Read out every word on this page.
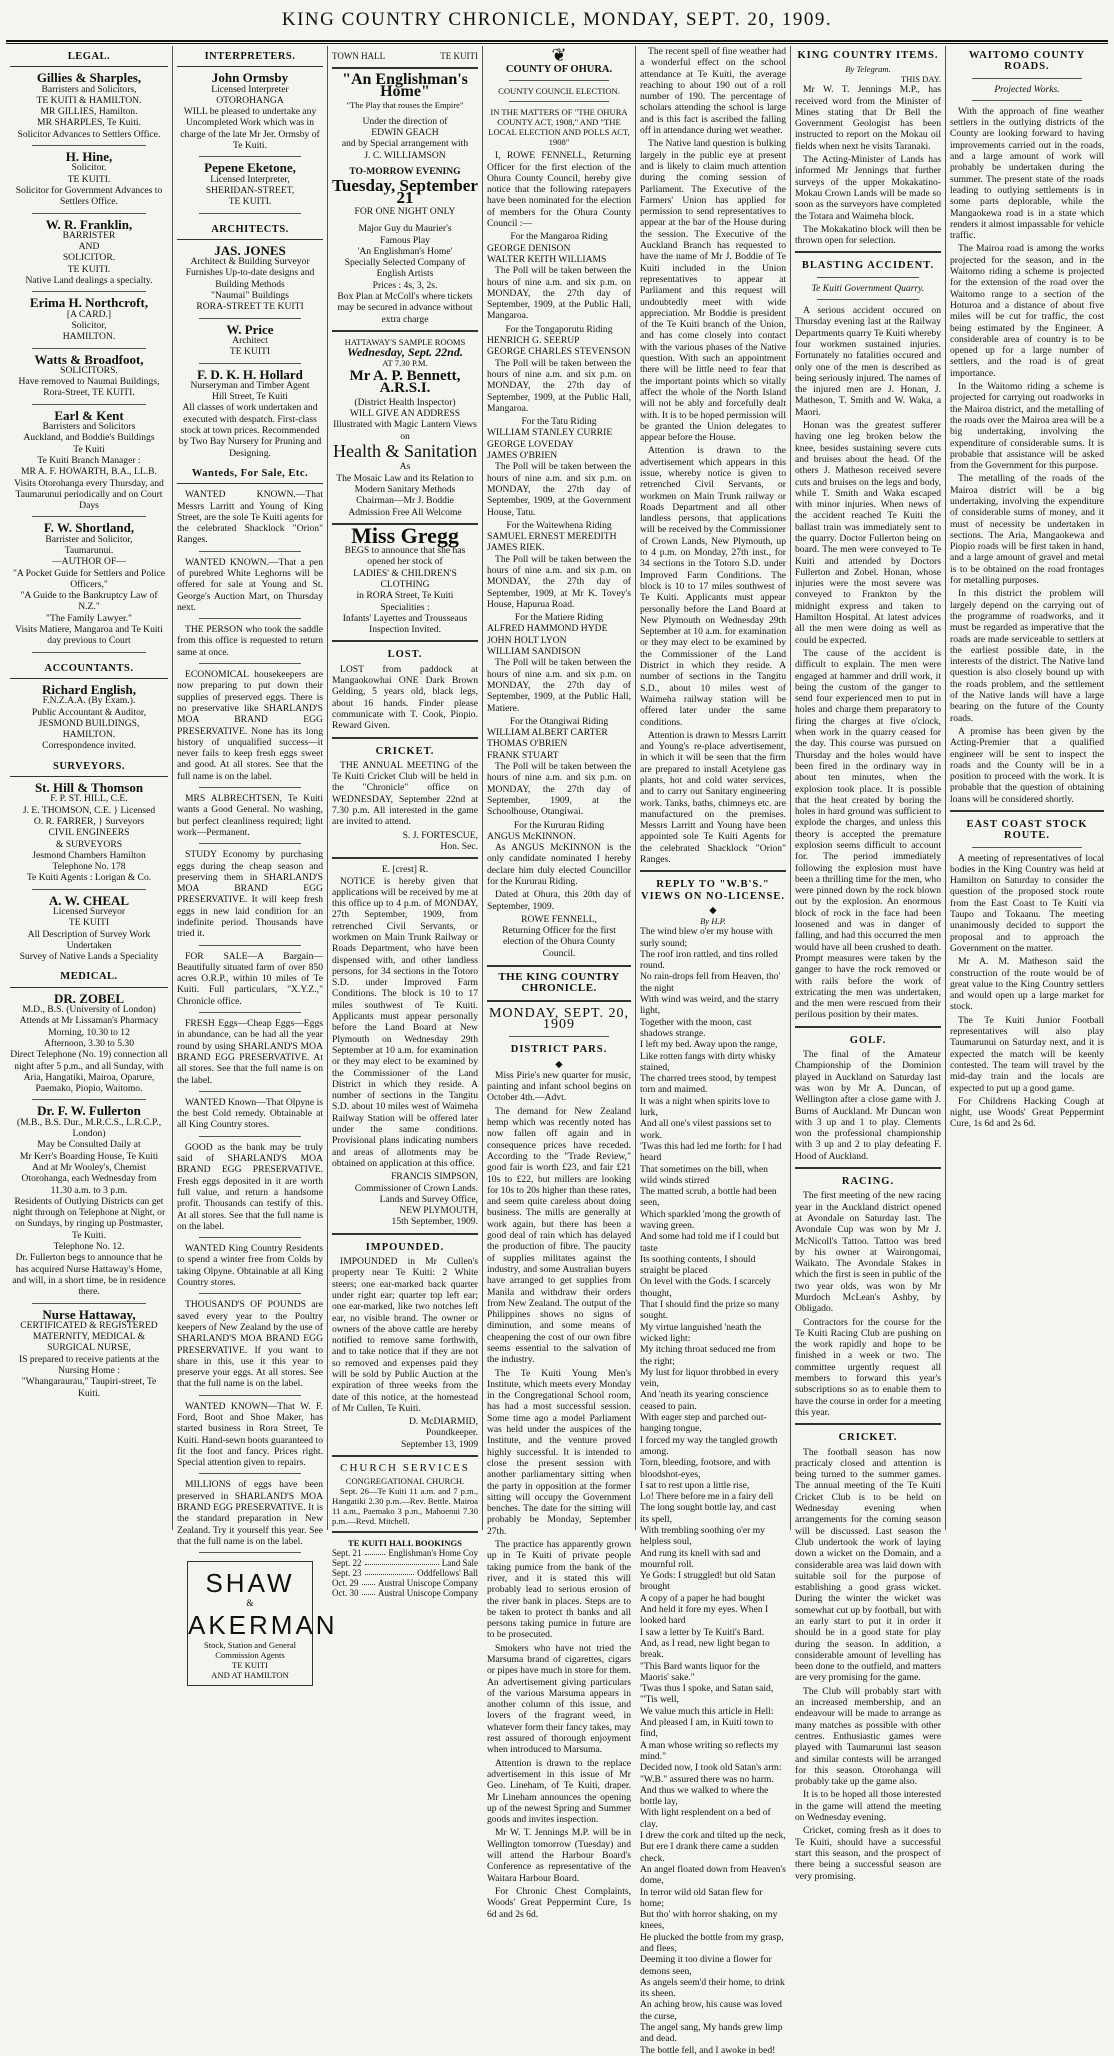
KING COUNTRY CHRONICLE, MONDAY, SEPT. 20, 1909.
LEGAL.
Gillies & Sharples,
Barristers and Solicitors,
TE KUITI & HAMILTON.
MR GILLIES, Hamilton.
MR SHARPLES, Te Kuiti.
Solicitor Advances to Settlers Office.
H. Hine,
Solicitor.
TE KUITI.
Solicitor for Government Advances to Settlers Office.
W. R. Franklin,
BARRISTER
AND
SOLICITOR.
TE KUITI.
Native Land dealings a specialty.
Erima H. Northcroft,
[A CARD.]
Solicitor,
HAMILTON.
Watts & Broadfoot,
SOLICITORS.
Have removed to Naumai Buildings,
Rora-Street, TE KUITI.
Earl & Kent
Barristers and Solicitors
Auckland, and Boddie's Buildings
Te Kuiti
Te Kuiti Branch Manager :
MR A. F. HOWARTH, B.A., LL.B.
Visits Otorohanga every Thursday, and Taumarunui periodically and on Court Days
F. W. Shortland,
Barrister and Solicitor,
Taumarunui.
—AUTHOR OF—
"A Pocket Guide for Settlers and Police Officers,"
"A Guide to the Bankruptcy Law of N.Z."
"The Family Lawyer."
Visits Matiere, Mangaroa and Te Kuiti day previous to Court
ACCOUNTANTS.
Richard English,
F.N.Z.A.A. (By Exam.).
Public Accountant & Auditor,
JESMOND BUILDINGS,
HAMILTON.
Correspondence invited.
SURVEYORS.
St. Hill & Thomson
F. P. ST. HILL, C.E.
J. E. THOMSON, C.E. } Licensed
O. R. FARRER, } Surveyors
CIVIL ENGINEERS
& SURVEYORS
Jesmond Chambers Hamilton
Telephone No. 178
Te Kuiti Agents : Lorigan & Co.
A. W. CHEAL
Licensed Surveyor
TE KUITI
All Description of Survey Work Undertaken
Survey of Native Lands a Speciality
MEDICAL.
DR. ZOBEL
M.D., B.S. (University of London)
Attends at Mr Lissaman's Pharmacy
Morning, 10.30 to 12
Afternoon, 3.30 to 5.30
Direct Telephone (No. 19) connection all night after 5 p.m., and all Sunday, with Aria, Hangatiki, Mairoa, Oparure, Paemako, Piopio, Waitomo.
Dr. F. W. Fullerton
(M.B., B.S. Dur., M.R.C.S., L.R.C.P., London)
May be Consulted Daily at
Mr Kerr's Boarding House, Te Kuiti
And at Mr Wooley's, Chemist Otorohanga, each Wednesday from 11.30 a.m. to 3 p.m.
Residents of Outlying Districts can get night through on Telephone at Night, or on Sundays, by ringing up Postmaster, Te Kuiti.
Telephone No. 12.
Dr. Fullerton begs to announce that he has acquired Nurse Hattaway's Home, and will, in a short time, be in residence there.
Nurse Hattaway,
CERTIFICATED & REGISTERED
MATERNITY, MEDICAL & SURGICAL NURSE,
IS prepared to receive patients at the Nursing Home :
"Whangaraurau," Taupiri-street, Te Kuiti.
INTERPRETERS.
John Ormsby
Licensed Interpreter
OTOROHANGA
WILL be pleased to undertake any Uncompleted Work which was in charge of the late Mr Jer. Ormsby of Te Kuiti.
Pepene Eketone,
Licensed Interpreter,
SHERIDAN-STREET,
TE KUITI.
ARCHITECTS.
JAS. JONES
Architect & Building Surveyor
Furnishes Up-to-date designs and Building Methods
"Naumai" Buildings
RORA-STREET TE KUITI
W. Price
Architect
TE KUITI
F. D. K. H. Hollard
Nurseryman and Timber Agent
Hill Street, Te Kuiti
All classes of work undertaken and executed with despatch. First-class stock at town prices. Recommended by Two Bay Nursery for Pruning and Designing.
Wanteds, For Sale, Etc.
WANTED KNOWN.—That Messrs Larritt and Young of King Street, are the sole Te Kuiti agents for the celebrated Shacklock "Orion" Ranges.
WANTED KNOWN.—That a pen of purebred White Leghorns will be offered for sale at Young and St. George's Auction Mart, on Thursday next.
THE PERSON who took the saddle from this office is requested to return same at once.
ECONOMICAL housekeepers are now preparing to put down their supplies of preserved eggs. There is no preservative like SHARLAND'S MOA BRAND EGG PRESERVATIVE. None has its long history of unqualified success—it never fails to keep fresh eggs sweet and good. At all stores. See that the full name is on the label.
MRS ALBRECHTSEN, Te Kuiti wants a Good General. No washing, but perfect cleanliness required; light work—Permanent.
STUDY Economy by purchasing eggs during the cheap season and preserving them in SHARLAND'S MOA BRAND EGG PRESERVATIVE. It will keep fresh eggs in new laid condition for an indefinite period. Thousands have tried it.
FOR SALE—A Bargain—Beautifully situated farm of over 850 acres O.R.P., within 10 miles of Te Kuiti. Full particulars, "X.Y.Z.," Chronicle office.
FRESH Eggs—Cheap Eggs—Eggs in abundance, can be had all the year round by using SHARLAND'S MOA BRAND EGG PRESERVATIVE. At all stores. See that the full name is on the label.
WANTED Known—That Olpyne is the best Cold remedy. Obtainable at all King Country stores.
GOOD as the bank may be truly said of SHARLAND'S MOA BRAND EGG PRESERVATIVE. Fresh eggs deposited in it are worth full value, and return a handsome profit. Thousands can testify of this. At all stores. See that the full name is on the label.
WANTED King Country Residents to spend a winter free from Colds by taking Olpyne. Obtainable at all King Country stores.
THOUSAND'S OF POUNDS are saved every year to the Poultry keepers of New Zealand by the use of SHARLAND'S MOA BRAND EGG PRESERVATIVE. If you want to share in this, use it this year to preserve your eggs. At all stores. See that the full name is on the label.
WANTED KNOWN—That W. F. Ford, Boot and Shoe Maker, has started business in Rora Street, Te Kuiti. Hand-sewn boots guaranteed to fit the foot and fancy. Prices right. Special attention given to repairs.
MILLIONS of eggs have been preserved in SHARLAND'S MOA BRAND EGG PRESERVATIVE. It is the standard preparation in New Zealand. Try it yourself this year. See that the full name is on the label.
SHAW
&
AKERMAN
Stock, Station and General
Commission Agents
TE KUITI
AND AT HAMILTON
TOWN HALL	TE KUITI
"An Englishman's Home"
"The Play that rouses the Empire"
Under the direction of
EDWIN GEACH
and by Special arrangement with
J. C. WILLIAMSON
TO-MORROW EVENING
Tuesday, September 21
FOR ONE NIGHT ONLY
Major Guy du Maurier's
Famous Play
'An Englishman's Home'
Specially Selected Company of English Artists
Prices : 4s, 3, 2s.
Box Plan at McColl's where tickets may be secured in advance without extra charge
HATTAWAY'S SAMPLE ROOMS
Wednesday, Sept. 22nd.
AT 7.30 P.M.
Mr A. P. Bennett, A.R.S.I.
(District Health Inspector)
WILL GIVE AN ADDRESS
Illustrated with Magic Lantern Views
on
Health & Sanitation
As
The Mosaic Law and its Relation to Modern Sanitary Methods
Chairman—Mr J. Boddie
Admission Free All Welcome
Miss Gregg
BEGS to announce that she has opened her stock of
LADIES' & CHILDREN'S CLOTHING
in RORA Street, Te Kuiti
Specialities :
Infants' Layettes and Trousseaus
Inspection Invited.
LOST.
LOST from paddock at Mangaokowhai ONE Dark Brown Gelding, 5 years old, black legs, about 16 hands. Finder please communicate with T. Cook, Piopio. Reward Given.
CRICKET.
THE ANNUAL MEETING of the Te Kuiti Cricket Club will be held in the "Chronicle" office on WEDNESDAY, September 22nd at 7.30 p.m. All interested in the game are invited to attend.
S. J. FORTESCUE,
Hon. Sec.
E. [crest] R.
NOTICE is hereby given that applications will be received by me at this office up to 4 p.m. of MONDAY, 27th September, 1909, from retrenched Civil Servants, or workmen on Main Trunk Railway or Roads Department, who have been dispensed with, and other landless persons, for 34 sections in the Totoro S.D. under Improved Farm Conditions. The block is 10 to 17 miles southwest of Te Kuiti. Applicants must appear personally before the Land Board at New Plymouth on Wednesday 29th September at 10 a.m. for examination or they may elect to be examined by the Commissioner of the Land District in which they reside. A number of sections in the Tangitu S.D. about 10 miles west of Waimeha Railway Station will be offered later under the same conditions. Provisional plans indicating numbers and areas of allotments may be obtained on application at this office.
FRANCIS SIMPSON,
Commissioner of Crown Lands.
Lands and Survey Office,
NEW PLYMOUTH,
15th September, 1909.
IMPOUNDED.
IMPOUNDED in Mr Cullen's property near Te Kuiti: 2 White steers; one ear-marked back quarter under right ear; quarter top left ear; one ear-marked, like two notches left ear, no visible brand. The owner or owners of the above cattle are hereby notified to remove same forthwith, and to take notice that if they are not so removed and expenses paid they will be sold by Public Auction at the expiration of three weeks from the date of this notice, at the homestead of Mr Cullen, Te Kuiti.
D. McDIARMID,
Poundkeeper.
September 13, 1909
CHURCH SERVICES
CONGREGATIONAL CHURCH.
Sept. 26—Te Kuiti 11 a.m. and 7 p.m., Hangatiki 2.30 p.m.—Rev. Bettle. Mairoa 11 a.m., Paemako 3 p.m., Mahoenui 7.30 p.m.—Revd. Mitchell.
TE KUITI HALL BOOKINGS
Sept. 21	Englishman's Home Coy
Sept. 22	Land Sale
Sept. 23	Oddfellows' Ball
Oct. 29 Austral Uniscope Company
Oct. 30 Austral Uniscope Company
❦
COUNTY OF OHURA.
COUNTY COUNCIL ELECTION.
IN THE MATTERS OF "THE OHURA COUNTY ACT, 1908," AND "THE LOCAL ELECTION AND POLLS ACT, 1908"
I, ROWE FENNELL, Returning Officer for the first election of the Ohura County Council, hereby give notice that the following ratepayers have been nominated for the election of members for the Ohura County Council :—
For the Mangaroa Riding
GEORGE DENISON
WALTER KEITH WILLIAMS
The Poll will be taken between the hours of nine a.m. and six p.m. on MONDAY, the 27th day of September, 1909, at the Public Hall, Mangaroa.
For the Tongaporutu Riding
HENRICH G. SEERUP
GEORGE CHARLES STEVENSON
The Poll will be taken between the hours of nine a.m. and six p.m. on MONDAY, the 27th day of September, 1909, at the Public Hall, Mangaroa.
For the Tatu Riding
WILLIAM STANLEY CURRIE
GEORGE LOVEDAY
JAMES O'BRIEN
The Poll will be taken between the hours of nine a.m. and six p.m. on MONDAY, the 27th day of September, 1909, at the Government House, Tatu.
For the Waitewhena Riding
SAMUEL ERNEST MEREDITH
JAMES RIEK.
The Poll will be taken between the hours of nine a.m. and six p.m. on MONDAY, the 27th day of September, 1909, at Mr K. Tovey's House, Hapurua Road.
For the Matiere Riding
ALFRED HAMMOND HYDE
JOHN HOLT LYON
WILLIAM SANDISON
The Poll will be taken between the hours of nine a.m. and six p.m. on MONDAY, the 27th day of September, 1909, at the Public Hall, Matiere.
For the Otangiwai Riding
WILLIAM ALBERT CARTER
THOMAS O'BRIEN
FRANK STUART
The Poll will be taken between the hours of nine a.m. and six p.m. on MONDAY, the 27th day of September, 1909, at the Schoolhouse, Otangiwai.
For the Kururau Riding
ANGUS McKINNON.
As ANGUS McKINNON is the only candidate nominated I hereby declare him duly elected Councillor for the Kururau Riding.
Dated at Ohura, this 20th day of September, 1909.
ROWE FENNELL,
Returning Officer for the first election of the Ohura County Council.
THE KING COUNTRY CHRONICLE.
MONDAY, SEPT. 20, 1909
DISTRICT PARS.
◆
Miss Pirie's new quarter for music, painting and infant school begins on October 4th.—Advt.
The demand for New Zealand hemp which was recently noted has now fallen off again and in consequence prices have receded. According to the "Trade Review," good fair is worth £23, and fair £21 10s to £22, but millers are looking for 10s to 20s higher than these rates, and seem quite careless about doing business. The mills are generally at work again, but there has been a good deal of rain which has delayed the production of fibre. The paucity of supplies militates against the industry, and some Australian buyers have arranged to get supplies from Manila and withdraw their orders from New Zealand. The output of the Philippines shows no signs of diminution, and some means of cheapening the cost of our own fibre seems essential to the salvation of the industry.
The Te Kuiti Young Men's Institute, which meets every Monday in the Congregational School room, has had a most successful session. Some time ago a model Parliament was held under the auspices of the Institute, and the venture proved highly successful. It is intended to close the present session with another parliamentary sitting when the party in opposition at the former sitting will occupy the Government benches. The date for the sitting will probably be Monday, September 27th.
The practice has apparently grown up in Te Kuiti of private people taking pumice from the bank of the river, and it is stated this will probably lead to serious erosion of the river bank in places. Steps are to be taken to protect th banks and all persons taking pumice in future are to be prosecuted.
Smokers who have not tried the Marsuma brand of cigarettes, cigars or pipes have much in store for them. An advertisement giving particulars of the various Marsuma appears in another column of this issue, and lovers of the fragrant weed, in whatever form their fancy takes, may rest assured of thorough enjoyment when introduced to Marsuma.
Attention is drawn to the replace advertisement in this issue of Mr Geo. Lineham, of Te Kuiti, draper. Mr Lineham announces the opening up of the newest Spring and Summer goods and invites inspection.
Mr W. T. Jennings M.P. will be in Wellington tomorrow (Tuesday) and will attend the Harbour Board's Conference as representative of the Waitara Harbour Board.
For Chronic Chest Complaints, Woods' Great Peppermint Cure, 1s 6d and 2s 6d.
The recent spell of fine weather had a wonderful effect on the school attendance at Te Kuiti, the average reaching to about 190 out of a roll number of 190. The percentage of scholars attending the school is large and is this fact is ascribed the falling off in attendance during wet weather.
The Native land question is bulking largely in the public eye at present and is likely to claim much attention during the coming session of Parliament. The Executive of the Farmers' Union has applied for permission to send representatives to appear at the bar of the House during the session. The Executive of the Auckland Branch has requested to have the name of Mr J. Boddie of Te Kuiti included in the Union representatives to appear at Parliament and this request will undoubtedly meet with wide appreciation. Mr Boddie is president of the Te Kuiti branch of the Union, and has come closely into contact with the various phases of the Native question. With such an appointment there will be little need to fear that the important points which so vitally affect the whole of the North Island will not be ably and forcefully dealt with. It is to be hoped permission will be granted the Union delegates to appear before the House.
Attention is drawn to the advertisement which appears in this issue, whereby notice is given to retrenched Civil Servants, or workmen on Main Trunk railway or Roads Department and all other landless persons, that applications will be received by the Commissioner of Crown Lands, New Plymouth, up to 4 p.m. on Monday, 27th inst., for 34 sections in the Totoro S.D. under Improved Farm Conditions. The block is 10 to 17 miles southwest of Te Kuiti. Applicants must appear personally before the Land Board at New Plymouth on Wednesday 29th September at 10 a.m. for examination or they may elect to be examined by the Commissioner of the Land District in which they reside. A number of sections in the Tangitu S.D., about 10 miles west of Waimeha railway station will be offered later under the same conditions.
Attention is drawn to Messrs Larritt and Young's re-place advertisement, in which it will be seen that the firm are prepared to install Acetylene gas plants, hot and cold water services, and to carry out Sanitary engineering work. Tanks, baths, chimneys etc. are manufactured on the premises. Messrs Larritt and Young have been appointed sole Te Kuiti Agents for the celebrated Shacklock "Orion" Ranges.
REPLY TO "W.B'S." VIEWS ON NO-LICENSE.
◆
By H.P.
The wind blew o'er my house with surly sound;
The roof iron rattled, and tins rolled round.
No rain-drops fell from Heaven, tho' the night
With wind was weird, and the starry light,
Together with the moon, cast shadows strange.
I left my bed. Away upon the range,
Like rotten fangs with dirty whisky stained,
The charred trees stood, by tempest torn and maimed.
It was a night when spirits love to lurk,
And all one's vilest passions set to work.
'Twas this had led me forth: for I had heard
That sometimes on the bill, when wild winds stirred
The matted scrub, a bottle had been seen,
Which sparkled 'mong the growth of waving green.
And some had told me if I could but taste
Its soothing contents, I should straight be placed
On level with the Gods. I scarcely thought,
That I should find the prize so many sought.
My virtue languished 'neath the wicked light:
My itching throat seduced me from the right;
My lust for liquor throbbed in every vein,
And 'neath its yearing conscience ceased to pain.
With eager step and parched out-hanging tongue,
I forced my way the tangled growth among.
Torn, bleeding, footsore, and with bloodshot-eyes,
I sat to rest upon a little rise,
Lo! There before me in a fairy dell
The long sought bottle lay, and cast its spell,
With trembling soothing o'er my helpless soul,
And rung its knell with sad and mournful roll.
Ye Gods: I struggled! but old Satan brought
A copy of a paper he had bought
And held it fore my eyes. When I looked hard
I saw a letter by Te Kuiti's Bard.
And, as I read, new light began to break.
"This Bard wants liquor for the Maoris' sake."
'Twas thus I spoke, and Satan said, "'Tis well,
We value much this article in Hell:
And pleased I am, in Kuiti town to find,
A man whose writing so reflects my mind."
Decided now, I took old Satan's arm:
"W.B." assured there was no harm.
And thus we walked to where the bottle lay,
With light resplendent on a bed of clay.
I drew the cork and tilted up the neck,
But ere I drank there came a sudden check.
An angel floated down from Heaven's dome,
In terror wild old Satan flew for home;
But tho' with horror shaking, on my knees,
He plucked the bottle from my grasp, and flees,
Deeming it too divine a flower for demons seen,
As angels seem'd their home, to drink its sheen.
An aching brow, his cause was loved the curse,
The angel sang, My hands grew limp and dead.
The bottle fell, and I awoke in bed!
KING COUNTRY ITEMS.
By Telegram.
THIS DAY.
Mr W. T. Jennings M.P., has received word from the Minister of Mines stating that Dr Bell the Government Geologist has been instructed to report on the Mokau oil fields when next he visits Taranaki.
The Acting-Minister of Lands has informed Mr Jennings that further surveys of the upper Mokakatino-Mokau Crown Lands will be made so soon as the surveyors have completed the Totara and Waimeha block.
The Mokakatino block will then be thrown open for selection.
BLASTING ACCIDENT.
Te Kuiti Government Quarry.
A serious accident occured on Thursday evening last at the Railway Departments quarry Te Kuiti whereby four workmen sustained injuries. Fortunately no fatalities occured and only one of the men is described as being seriously injured. The names of the injured men are J. Honan, J. Matheson, T. Smith and W. Waka, a Maori.
Honan was the greatest sufferer having one leg broken below the knee, besides sustaining severe cuts and bruises about the head. Of the others J. Matheson received severe cuts and bruises on the legs and body, while T. Smith and Waka escaped with minor injuries. When news of the accident reached Te Kuiti the ballast train was immediately sent to the quarry. Doctor Fullerton being on board. The men were conveyed to Te Kuiti and attended by Doctors Fullerton and Zobel. Honan, whose injuries were the most severe was conveyed to Frankton by the midnight express and taken to Hamilton Hospital. At latest advices all the men were doing as well as could be expected.
The cause of the accident is difficult to explain. The men were engaged at hammer and drill work, it being the custom of the ganger to send four experienced men to put in holes and charge them preparatory to firing the charges at five o'clock, when work in the quarry ceased for the day. This course was pursued on Thursday and the holes would have been fired in the ordinary way in about ten minutes, when the explosion took place. It is possible that the heat created by boring the holes in hard ground was sufficient to explode the charges, and unless this theory is accepted the premature explosion seems difficult to account for. The period immediately following the explosion must have been a thrilling time for the men, who were pinned down by the rock blown out by the explosion. An enormous block of rock in the face had been loosened and was in danger of falling, and had this occurred the men would have all been crushed to death. Prompt measures were taken by the ganger to have the rock removed or with rails before the work of extricating the men was undertaken, and the men were rescued from their perilous position by their mates.
GOLF.
The final of the Amateur Championship of the Dominion played in Auckland on Saturday last was won by Mr A. Duncan, of Wellington after a close game with J. Burns of Auckland. Mr Duncan won with 3 up and 1 to play. Clements won the professional championship with 3 up and 2 to play defeating F. Hood of Auckland.
RACING.
The first meeting of the new racing year in the Auckland district opened at Avondale on Saturday last. The Avondale Cup was won by Mr J. McNicoll's Tattoo. Tattoo was bred by his owner at Wairongomai, Waikato. The Avondale Stakes in which the first is seen in public of the two year olds, was won by Mr Murdoch McLean's Ashby, by Obligado.
Contractors for the course for the Te Kuiti Racing Club are pushing on the work rapidly and hope to be finished in a week or two. The committee urgently request all members to forward this year's subscriptions so as to enable them to have the course in order for a meeting this year.
CRICKET.
The football season has now practicaly closed and attention is being turned to the summer games. The annual meeting of the Te Kuiti Cricket Club is to be held on Wednesday evening when arrangements for the coming season will be discussed. Last season the Club undertook the work of laying down a wicket on the Domain, and a considerable area was laid down with suitable soil for the purpose of establishing a good grass wicket. During the winter the wicket was somewhat cut up by football, but with an early start to put it in order it should be in a good state for play during the season. In addition, a considerable amount of levelling has been done to the outfield, and matters are very promising for the game.
The Club will probably start with an increased membership, and an endeavour will be made to arrange as many matches as possible with other centres. Enthusiastic games were played with Taumarunui last season and similar contests will be arranged for this season. Otorohanga will probably take up the game also.
It is to be hoped all those interested in the game will attend the meeting on Wednesday evening.
Cricket, coming fresh as it does to Te Kuiti, should have a successful start this season, and the prospect of there being a successful season are very promising.
WAITOMO COUNTY ROADS.
Projected Works.
With the approach of fine weather settlers in the outlying districts of the County are looking forward to having improvements carried out in the roads, and a large amount of work will probably be undertaken during the summer. The present state of the roads leading to outlying settlements is in some parts deplorable, while the Mangaokewa road is in a state which renders it almost impassable for vehicle traffic.
The Mairoa road is among the works projected for the season, and in the Waitomo riding a scheme is projected for the extension of the road over the Waitomo range to a section of the Hoturoa and a distance of about five miles will be cut for traffic, the cost being estimated by the Engineer. A considerable area of country is to be opened up for a large number of settlers, and the road is of great importance.
In the Waitomo riding a scheme is projected for carrying out roadworks in the Mairoa district, and the metalling of the roads over the Mairoa area will be a big undertaking, involving the expenditure of considerable sums. It is probable that assistance will be asked from the Government for this purpose.
The metalling of the roads of the Mairoa district will be a big undertaking, involving the expenditure of considerable sums of money, and it must of necessity be undertaken in sections. The Aria, Mangaokewa and Piopio roads will be first taken in hand, and a large amount of gravel and metal is to be obtained on the road frontages for metalling purposes.
In this district the problem will largely depend on the carrying out of the programme of roadworks, and it must be regarded as imperative that the roads are made serviceable to settlers at the earliest possible date, in the interests of the district. The Native land question is also closely bound up with the roads problem, and the settlement of the Native lands will have a large bearing on the future of the County roads.
A promise has been given by the Acting-Premier that a qualified engineer will be sent to inspect the roads and the County will be in a position to proceed with the work. It is probable that the question of obtaining loans will be considered shortly.
EAST COAST STOCK ROUTE.
A meeting of representatives of local bodies in the King Country was held at Hamilton on Saturday to consider the question of the proposed stock route from the East Coast to Te Kuiti via Taupo and Tokaanu. The meeting unanimously decided to support the proposal and to approach the Government on the matter.
Mr A. M. Matheson said the construction of the route would be of great value to the King Country settlers and would open up a large market for stock.
The Te Kuiti Junior Football representatives will also play Taumarunui on Saturday next, and it is expected the match will be keenly contested. The team will travel by the mid-day train and the locals are expected to put up a good game.
For Childrens Hacking Cough at night, use Woods' Great Peppermint Cure, 1s 6d and 2s 6d.
